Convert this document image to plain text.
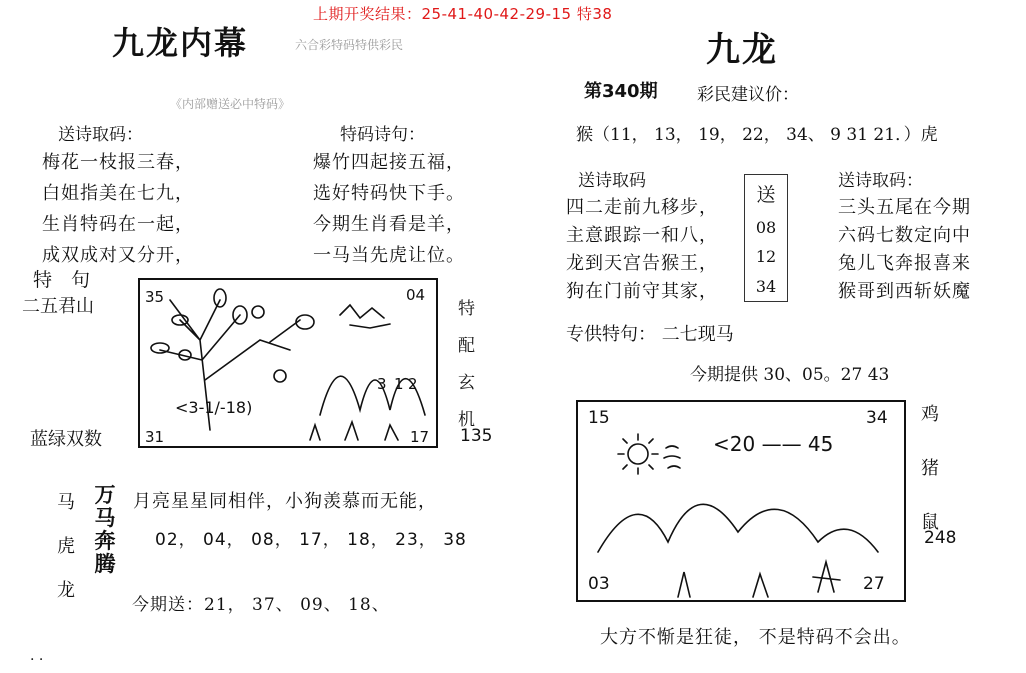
上期开奖结果：25-41-40-42-29-15 特38
九龙内幕	六合彩特码特供彩民
《内部赠送必中特码》
送诗取码：	特码诗句：
梅花一枝报三春，
白姐指美在七九，
生肖特码在一起，
成双成对又分开，
爆竹四起接五福，
选好特码快下手。
今期生肖看是羊，
一马当先虎让位。
特　句
二五君山
蓝绿双数
35	04
31	17
3 1 2
<3-1/-18)
特
配
玄
机
135
马
虎
龙
万马奔腾
月亮星星同相伴，小狗羡慕而无能，
02， 04， 08， 17， 18， 23， 38
今期送：21， 37、 09、 18、
. .
九龙
第340期 彩民建议价：
猴（11， 13， 19， 22， 34、 9 31 21．）虎
送诗取码	送诗取码：
四二走前九移步，
主意跟踪一和八，
龙到天宫告猴王，
狗在门前守其家，
送
08
12
34
三头五尾在今期
六码七数定向中
兔儿飞奔报喜来
猴哥到西斩妖魔
专供特句： 二七现马
今期提供 30、05。27 43
15	34
03	27
<20 —— 45
鸡
猪
鼠
248
大方不惭是狂徒， 不是特码不会出。
